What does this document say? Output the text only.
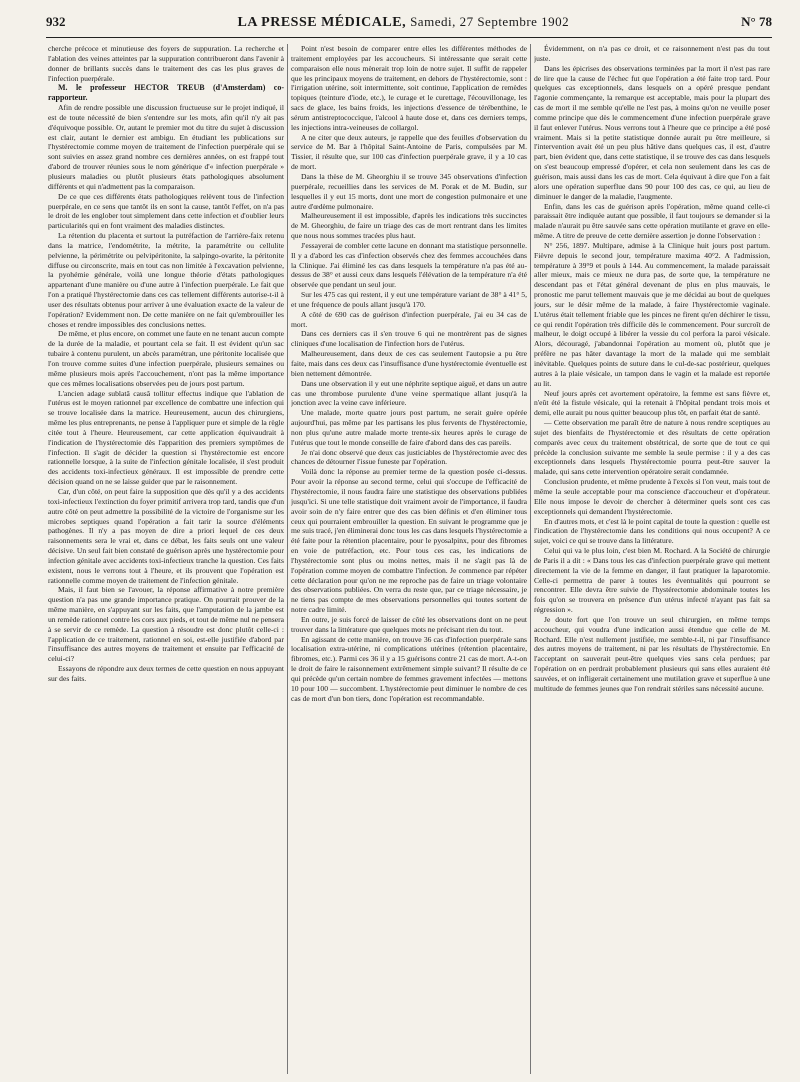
932	LA PRESSE MÉDICALE, Samedi, 27 Septembre 1902	N° 78

cherche précoce et minutieuse des foyers de suppuration. La recherche et l'ablation des veines atteintes par la suppuration contribueront dans l'avenir à donner de brillants succès dans le traitement des cas les plus graves de l'infection puerpérale.

M. le professeur HECTOR TREUB (d'Amsterdam) co-rapporteur.

Afin de rendre possible une discussion fructueuse sur le projet indiqué, il est de toute nécessité de bien s'entendre sur les mots, afin qu'il n'y ait pas d'équivoque possible. Or, autant le premier mot du titre du sujet à discussion est clair, autant le dernier est ambigu. En étudiant les publications sur l'hystérectomie comme moyen de traitement de l'infection puerpérale qui se sont suivies en assez grand nombre ces dernières années, on est frappé tout d'abord de trouver réunies sous le nom générique d'« infection puerpérale » plusieurs maladies ou plutôt plusieurs états pathologiques absolument différents et qui n'admettent pas la comparaison.

De ce que ces différents états pathologiques relèvent tous de l'infection puerpérale, en ce sens que tantôt ils en sont la cause, tantôt l'effet, on n'a pas le droit de les englober tout simplement dans cette infection et d'oublier leurs particularités qui en font vraiment des maladies distinctes.

La rétention du placenta et surtout la putréfaction de l'arrière-faix retenu dans la matrice, l'endométrite, la métrite, la paramétrite ou cellulite pelvienne, la périmétrite ou pelvipéritonite, la salpingo-ovarite, la péritonite diffuse ou circonscrite, mais en tout cas non limitée à l'excavation pelvienne, la pyohémie générale, voilà une longue théorie d'états pathologiques appartenant d'une manière ou d'une autre à l'infection puerpérale. Le fait que l'on a pratiqué l'hystérectomie dans ces cas tellement différents autorise-t-il à user des résultats obtenus pour arriver à une évaluation exacte de la valeur de l'opération? Evidemment non. De cette manière on ne fait qu'embrouiller les choses et rendre impossibles des conclusions nettes.

De même, et plus encore, on commet une faute en ne tenant aucun compte de la durée de la maladie, et pourtant cela se fait. Il est évident qu'un sac tubaire à contenu purulent, un abcès paramétran, une péritonite localisée que l'on trouve comme suites d'une infection puerpérale, plusieurs semaines ou même plusieurs mois après l'accouchement, n'ont pas la même importance que ces mêmes localisations observées peu de jours post partum.

L'ancien adage sublatâ causâ tollitur effectus indique que l'ablation de l'utérus est le moyen rationnel par excellence de combattre une infection qui se trouve localisée dans la matrice. Heureusement, aucun des chirurgiens, même les plus entreprenants, ne pense à l'appliquer pure et simple de la règle citée tout à l'heure. Heureusement, car cette application équivaudrait à l'indication de l'hystérectomie dès l'apparition des premiers symptômes de l'infection. Il s'agit de décider la question si l'hystérectomie est encore rationnelle lorsque, à la suite de l'infection génitale localisée, il s'est produit des accidents toxi-infectieux généraux. Il est impossible de prendre cette décision quand on ne se laisse guider que par le raisonnement.

Car, d'un côté, on peut faire la supposition que dès qu'il y a des accidents toxi-infectieux l'extinction du foyer primitif arrivera trop tard, tandis que d'un autre côté on peut admettre la possibilité de la victoire de l'organisme sur les microbes septiques quand l'opération a fait tarir la source d'éléments pathogènes. Il n'y a pas moyen de dire a priori lequel de ces deux raisonnements sera le vrai et, dans ce débat, les faits seuls ont une valeur décisive. Un seul fait bien constaté de guérison après une hystérectomie pour infection génitale avec accidents toxi-infectieux tranche la question. Ces faits existent, nous le verrons tout à l'heure, et ils prouvent que l'opération est rationnelle comme moyen de traitement de l'infection génitale.

Mais, il faut bien se l'avouer, la réponse affirmative à notre première question n'a pas une grande importance pratique. On pourrait prouver de la même manière, en s'appuyant sur les faits, que l'amputation de la jambe est un remède rationnel contre les cors aux pieds, et tout de même nul ne pensera à se servir de ce remède. La question à résoudre est donc plutôt celle-ci : l'application de ce traitement, rationnel en soi, est-elle justifiée d'abord par l'insuffisance des autres moyens de traitement et ensuite par l'efficacité de celui-ci?

Essayons de répondre aux deux termes de cette question en nous appuyant sur des faits.

Point n'est besoin de comparer entre elles les différentes méthodes de traitement employées par les accoucheurs. Si intéressante que serait cette comparaison elle nous mènerait trop loin de notre sujet. Il suffit de rappeler que les principaux moyens de traitement, en dehors de l'hystérectomie, sont : l'irrigation utérine, soit intermittente, soit continue, l'application de remèdes topiques (teinture d'iode, etc.), le curage et le curettage, l'écouvillonage, les sacs de glace, les bains froids, les injections d'essence de térébenthine, le sérum antistreptococcique, l'alcool à haute dose et, dans ces derniers temps, les injections intra-veineuses de collargol.

A ne citer que deux auteurs, je rappelle que des feuilles d'observation du service de M. Bar à l'hôpital Saint-Antoine de Paris, compulsées par M. Tissier, il résulte que, sur 100 cas d'infection puerpérale grave, il y a 10 cas de mort.

Dans la thèse de M. Gheorghiu il se trouve 345 observations d'infection puerpérale, recueillies dans les services de M. Porak et de M. Budin, sur lesquelles il y eut 15 morts, dont une mort de congestion pulmonaire et une autre d'œdème pulmonaire.

Malheureusement il est impossible, d'après les indications très succinctes de M. Gheorghiu, de faire un triage des cas de mort rentrant dans les limites que nous nous sommes tracées plus haut.

J'essayerai de combler cette lacune en donnant ma statistique personnelle. Il y a d'abord les cas d'infection observés chez des femmes accouchées dans la Clinique. J'ai éliminé les cas dans lesquels la température n'a pas été au-dessus de 38° et aussi ceux dans lesquels l'élévation de la température n'a été observée que pendant un seul jour.

Sur les 475 cas qui restent, il y eut une température variant de 38° à 41° 5, et une fréquence de pouls allant jusqu'à 170.

A côté de 690 cas de guérison d'infection puerpérale, j'ai eu 34 cas de mort.

Dans ces derniers cas il s'en trouve 6 qui ne montrèrent pas de signes cliniques d'une localisation de l'infection hors de l'utérus.

Malheureusement, dans deux de ces cas seulement l'autopsie a pu être faite, mais dans ces deux cas l'insuffisance d'une hystérectomie éventuelle est bien nettement démontrée.

Dans une observation il y eut une néphrite septique aiguë, et dans un autre cas une thrombose purulente d'une veine spermatique allant jusqu'à la jonction avec la veine cave inférieure.

Une malade, morte quatre jours post partum, ne serait guère opérée aujourd'hui, pas même par les partisans les plus fervents de l'hystérectomie, non plus qu'une autre malade morte trente-six heures après le curage de l'utérus que tout le monde conseille de faire d'abord dans des cas pareils.

Je n'ai donc observé que deux cas justiciables de l'hystérectomie avec des chances de détourner l'issue funeste par l'opération.

Voilà donc la réponse au premier terme de la question posée ci-dessus. Pour avoir la réponse au second terme, celui qui s'occupe de l'efficacité de l'hystérectomie, il nous faudra faire une statistique des observations publiées jusqu'ici. Si une telle statistique doit vraiment avoir de l'importance, il faudra avoir soin de n'y faire entrer que des cas bien définis et d'en éliminer tous ceux qui pourraient embrouiller la question. En suivant le programme que je me suis tracé, j'en éliminerai donc tous les cas dans lesquels l'hystérectomie a été faite pour la rétention placentaire, pour le pyosalpinx, pour des fibromes en voie de putréfaction, etc. Pour tous ces cas, les indications de l'hystérectomie sont plus ou moins nettes, mais il ne s'agit pas là de l'opération comme moyen de combattre l'infection. Je commence par répéter cette déclaration pour qu'on ne me reproche pas de faire un triage volontaire des observations publiées. On verra du reste que, par ce triage nécessaire, je ne tiens pas compte de mes observations personnelles qui toutes sortent de notre cadre limité.

En outre, je suis forcé de laisser de côté les observations dont on ne peut trouver dans la littérature que quelques mots ne précisant rien du tout.

En agissant de cette manière, on trouve 36 cas d'infection puerpérale sans localisation extra-utérine, ni complications utérines (rétention placentaire, fibromes, etc.). Parmi ces 36 il y a 15 guérisons contre 21 cas de mort. A-t-on le droit de faire le raisonnement extrêmement simple suivant? Il résulte de ce qui précède qu'un certain nombre de femmes gravement infectées — mettons 10 pour 100 — succombent. L'hystérectomie peut diminuer le nombre de ces cas de mort d'un bon tiers, donc l'opération est recommandable.

Évidemment, on n'a pas ce droit, et ce raisonnement n'est pas du tout juste.

Dans les épicrises des observations terminées par la mort il n'est pas rare de lire que la cause de l'échec fut que l'opération a été faite trop tard. Pour quelques cas exceptionnels, dans lesquels on a opéré presque pendant l'agonie commençante, la remarque est acceptable, mais pour la plupart des cas de mort il me semble qu'elle ne l'est pas, à moins qu'on ne veuille poser comme principe que dès le commencement d'une infection puerpérale grave il faut enlever l'utérus. Nous verrons tout à l'heure que ce principe a été posé vraiment. Mais si la petite statistique donnée aurait pu être meilleure, si l'intervention avait été un peu plus hâtive dans quelques cas, il est, d'autre part, bien évident que, dans cette statistique, il se trouve des cas dans lesquels on s'est beaucoup empressé d'opérer, et cela non seulement dans les cas de guérison, mais aussi dans les cas de mort. Cela équivaut à dire que l'on a fait alors une opération superflue dans 90 pour 100 des cas, ce qui, au lieu de diminuer le danger de la maladie, l'augmente.

Enfin, dans les cas de guérison après l'opération, même quand celle-ci paraissait être indiquée autant que possible, il faut toujours se demander si la malade n'aurait pu être sauvée sans cette opération mutilante et grave en elle-même. A titre de preuve de cette dernière assertion je donne l'observation :

N° 256, 1897. Multipare, admise à la Clinique huit jours post partum. Fièvre depuis le second jour, température maxima 40°2. A l'admission, température à 39°9 et pouls à 144. Au commencement, la malade paraissait aller mieux, mais ce mieux ne dura pas, de sorte que, la température ne descendant pas et l'état général devenant de plus en plus mauvais, le pronostic me parut tellement mauvais que je me décidai au bout de quelques jours, sur le désir même de la malade, à faire l'hystérectomie vaginale. L'utérus était tellement friable que les pinces ne firent qu'en déchirer le tissu, ce qui rendit l'opération très difficile dès le commencement. Pour surcroît de malheur, le doigt occupé à libérer la vessie du col perfora la paroi vésicale. Alors, découragé, j'abandonnai l'opération au moment où, plutôt que je préfère ne pas hâter davantage la mort de la malade qui me semblait inévitable. Quelques points de suture dans le cul-de-sac postérieur, quelques autres à la plaie vésicale, un tampon dans le vagin et la malade est reportée au lit.

Neuf jours après cet avortement opératoire, la femme est sans fièvre et, n'eût été la fistule vésicale, qui la retenait à l'hôpital pendant trois mois et demi, elle aurait pu nous quitter beaucoup plus tôt, en parfait état de santé.

— Cette observation me paraît être de nature à nous rendre sceptiques au sujet des bienfaits de l'hystérectomie et des résultats de cette opération comparés avec ceux du traitement obstétrical, de sorte que de tout ce qui précède la conclusion suivante me semble la seule permise : il y a des cas exceptionnels dans lesquels l'hystérectomie pourra peut-être sauver la malade, qui sans cette intervention opératoire serait condamnée.

Conclusion prudente, et même prudente à l'excès si l'on veut, mais tout de même la seule acceptable pour ma conscience d'accoucheur et d'opérateur. Elle nous impose le devoir de chercher à déterminer quels sont ces cas exceptionnels qui demandent l'hystérectomie.

En d'autres mots, et c'est là le point capital de toute la question : quelle est l'indication de l'hystérectomie dans les conditions qui nous occupent? A ce sujet, voici ce qui se trouve dans la littérature.

Celui qui va le plus loin, c'est bien M. Rochard. A la Société de chirurgie de Paris il a dit : « Dans tous les cas d'infection puerpérale grave qui mettent directement la vie de la femme en danger, il faut pratiquer la laparotomie. Celle-ci permettra de parer à toutes les éventualités qui pourront se rencontrer. Elle devra être suivie de l'hystérectomie abdominale toutes les fois qu'on se trouvera en présence d'un utérus infecté n'ayant pas fait sa régression ».

Je doute fort que l'on trouve un seul chirurgien, en même temps accoucheur, qui voudra d'une indication aussi étendue que celle de M. Rochard. Elle n'est nullement justifiée, me semble-t-il, ni par l'insuffisance des autres moyens de traitement, ni par les résultats de l'hystérectomie. En l'acceptant on sauverait peut-être quelques vies sans cela perdues; par l'opération on en perdrait probablement plusieurs qui sans elles auraient été sauvées, et on infligerait certainement une mutilation grave et superflue à une multitude de femmes jeunes que l'on rendrait stériles sans nécessité aucune.
